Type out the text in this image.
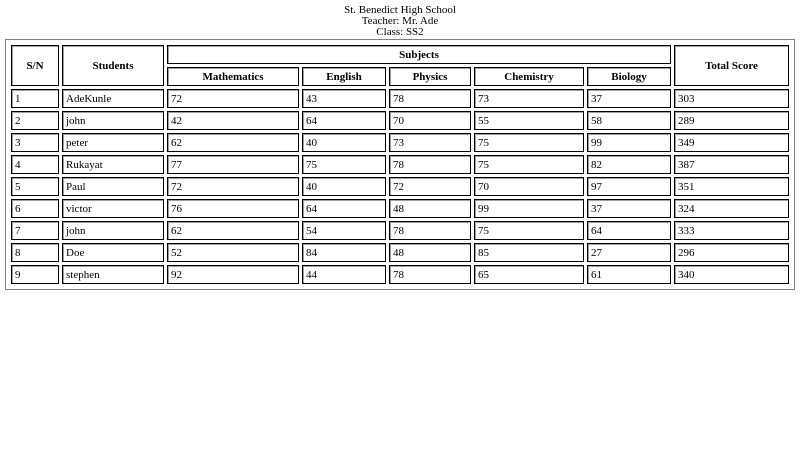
St. Benedict High School
Teacher: Mr. Ade
Class: SS2
S/N	Students	Subjects					Total Score
		Mathematics	English	Physics	Chemistry	Biology	
1	AdeKunle	72	43	78	73	37	303
2	john	42	64	70	55	58	289
3	peter	62	40	73	75	99	349
4	Rukayat	77	75	78	75	82	387
5	Paul	72	40	72	70	97	351
6	victor	76	64	48	99	37	324
7	john	62	54	78	75	64	333
8	Doe	52	84	48	85	27	296
9	stephen	92	44	78	65	61	340
